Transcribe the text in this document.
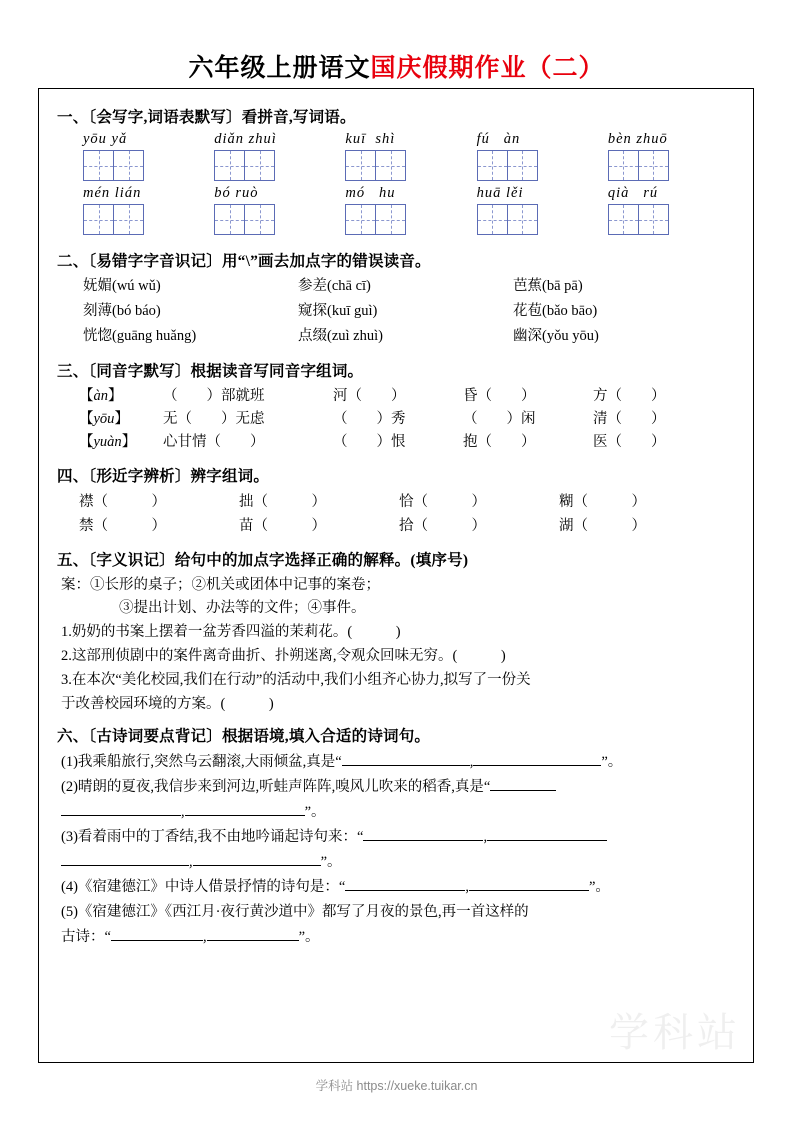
六年级上册语文国庆假期作业（二）
一、〔会写字,词语表默写〕看拼音,写词语。
yōu yǎ	diǎn zhuì	kuī  shì	fú   àn	bèn zhuō
mén lián	bó ruò	mó   hu	huā lěi	qià   rú
二、〔易错字字音识记〕用“\”画去加点字的错误读音。
妩媚(wú wǔ)	参差(chā cī)	芭蕉(bā pā)
刻薄(bó báo)	窥探(kuī guì)	花苞(bǎo bāo)
恍惚(guāng huǎng)	点缀(zuì zhuì)	幽深(yǒu yōu)
三、〔同音字默写〕根据读音写同音字组词。
【àn】	（　　）部就班	河（　　）	昏（　　）	方（　　）
【yōu】	无（　　）无虑	（　　）秀	（　　）闲	清（　　）
【yuàn】	心甘情（　　）	（　　）恨	抱（　　）	医（　　）
四、〔形近字辨析〕辨字组词。
襟（　　　）	拙（　　　）	恰（　　　）	糊（　　　）
禁（　　　）	苗（　　　）	拾（　　　）	湖（　　　）
五、〔字义识记〕给句中的加点字选择正确的解释。(填序号)
案：①长形的桌子；②机关或团体中记事的案卷；
③提出计划、办法等的文件；④事件。
1.奶奶的书案上摆着一盆芳香四溢的茉莉花。(　　　)
2.这部刑侦剧中的案件离奇曲折、扑朔迷离,令观众回味无穷。(　　　)
3.在本次“美化校园,我们在行动”的活动中,我们小组齐心协力,拟写了一份关
于改善校园环境的方案。(　　　)
六、〔古诗词要点背记〕根据语境,填入合适的诗词句。
(1)我乘船旅行,突然乌云翻滚,大雨倾盆,真是“	,	”。
(2)晴朗的夏夜,我信步来到河边,听蛙声阵阵,嗅风儿吹来的稻香,真是“
,	”。
(3)看着雨中的丁香结,我不由地吟诵起诗句来：“	,
,	”。
(4)《宿建德江》中诗人借景抒情的诗句是：“	,	”。
(5)《宿建德江》《西江月·夜行黄沙道中》都写了月夜的景色,再一首这样的
古诗：“	,	”。
学科站
学科站 https://xueke.tuikar.cn
